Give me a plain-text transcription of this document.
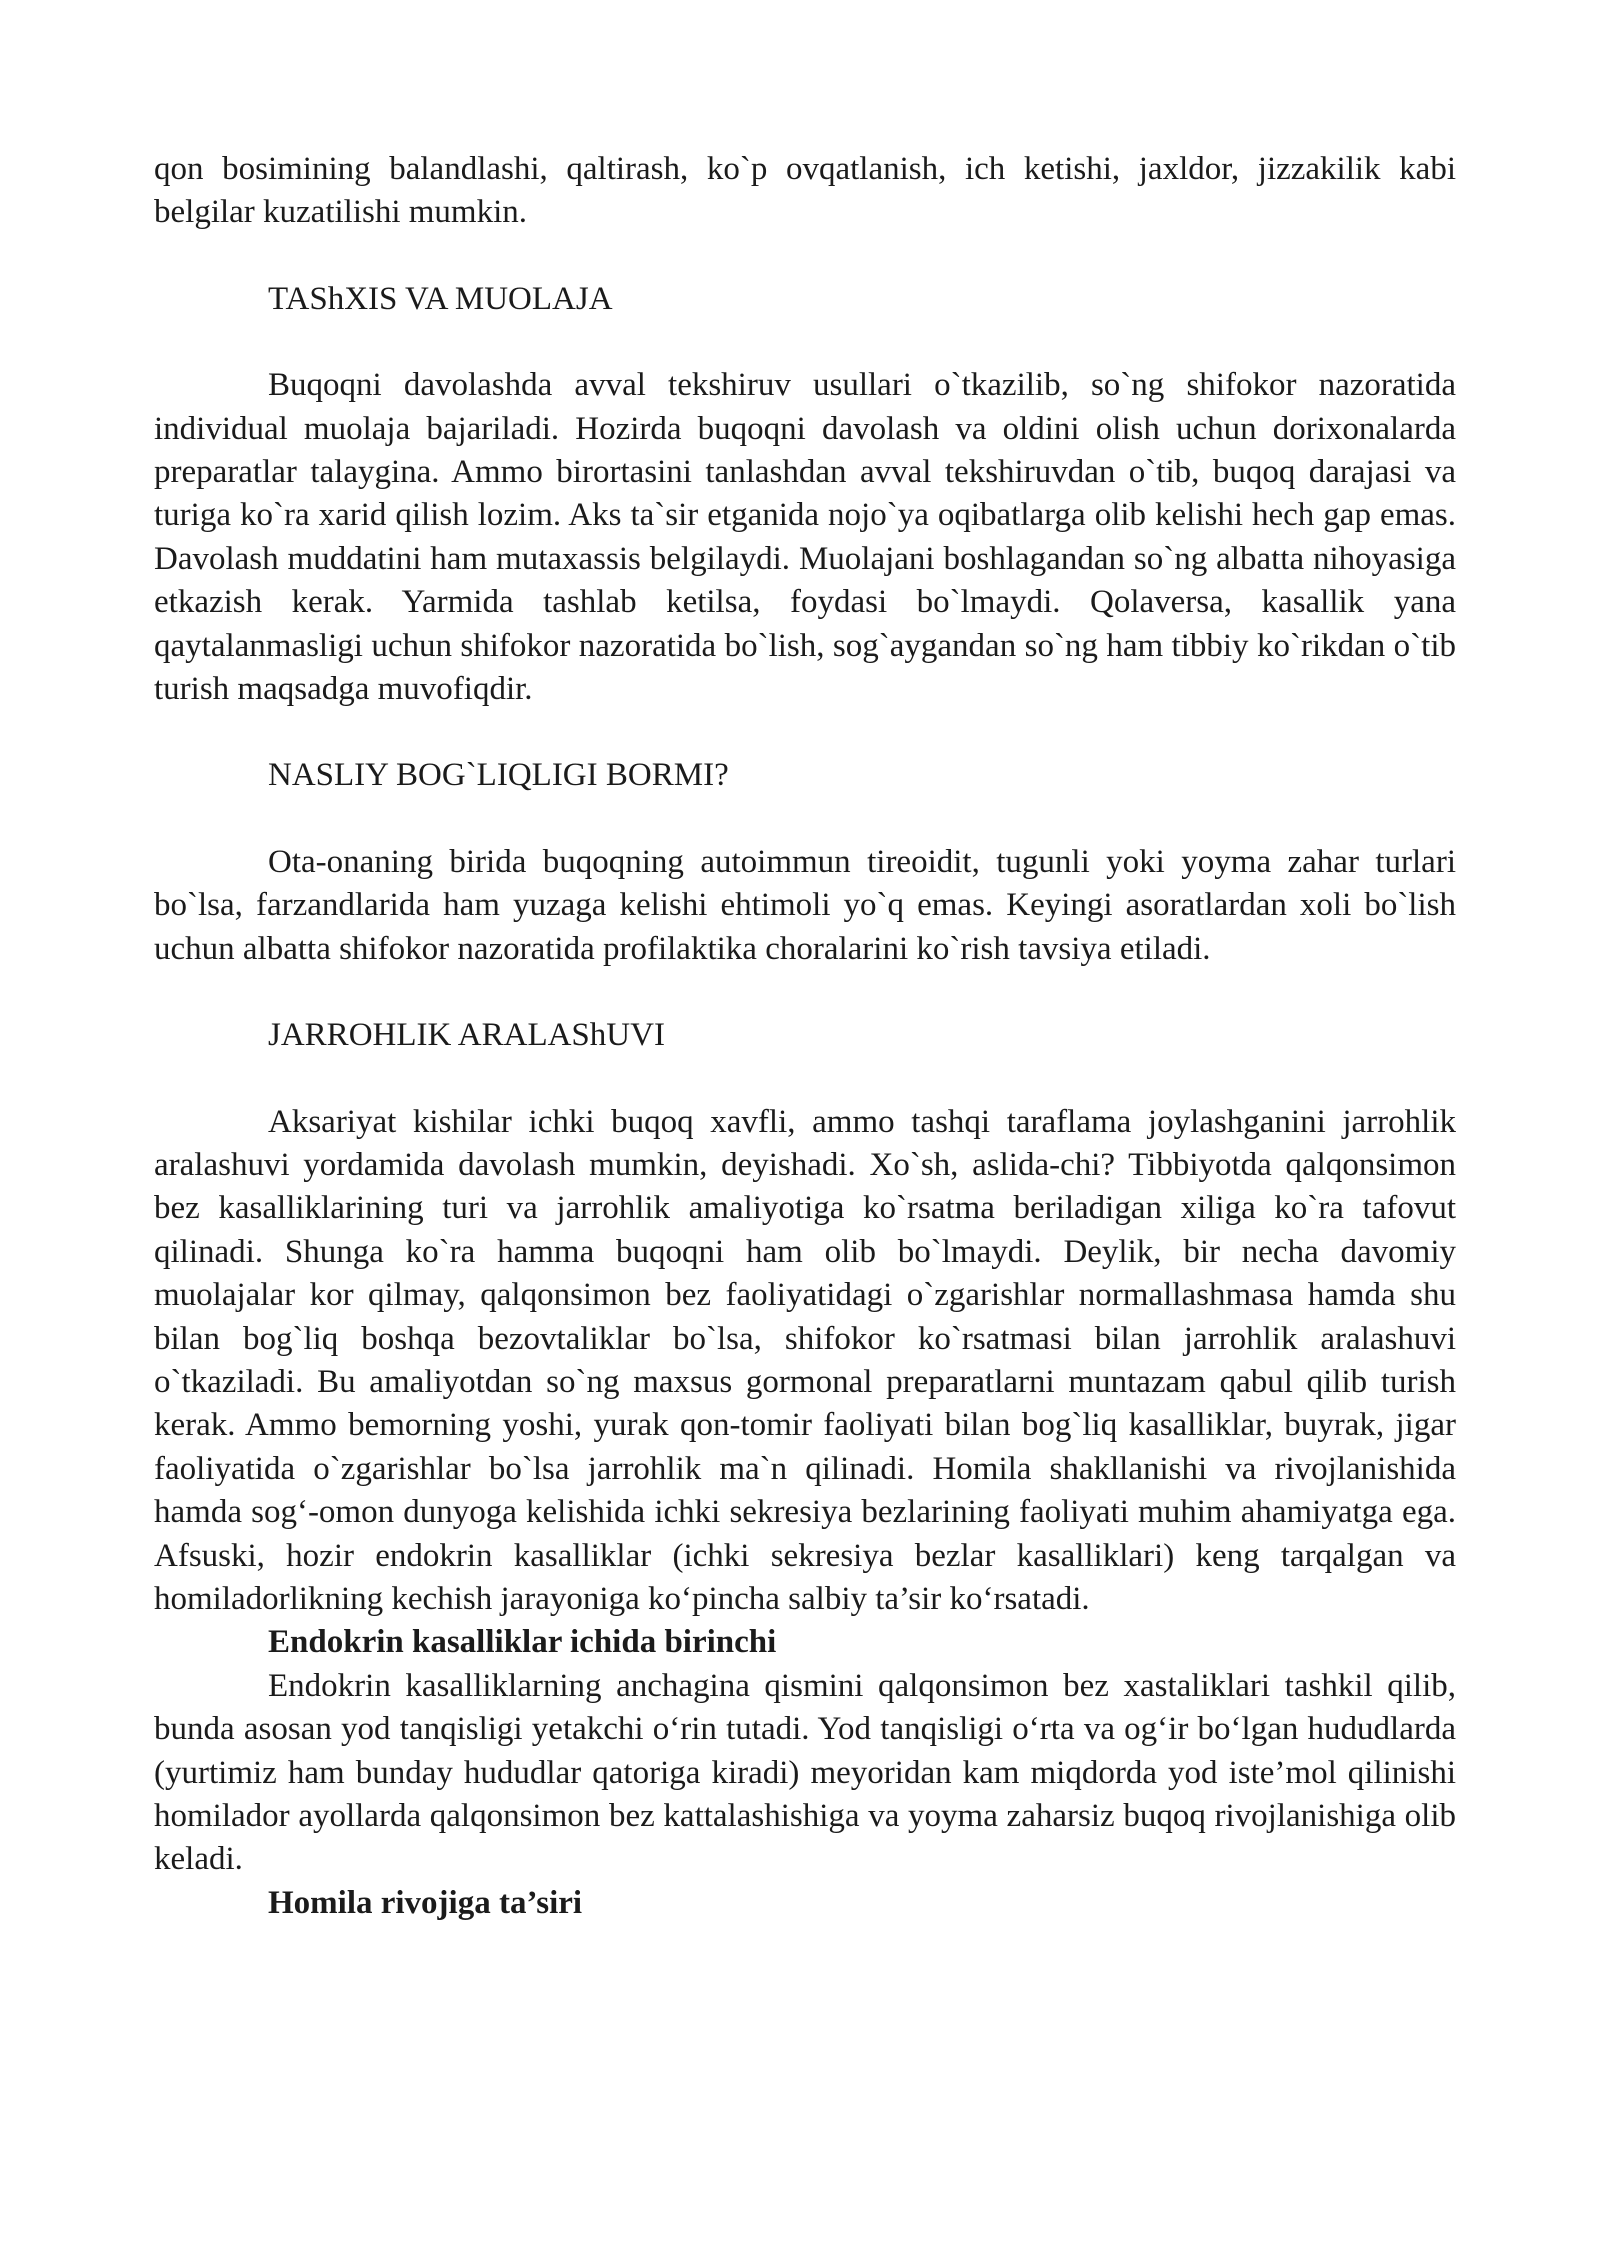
qon bosimining balandlashi, qaltirash, ko`p ovqatlanish, ich ketishi, jaxldor, jizzakilik kabi belgilar kuzatilishi mumkin.

TAShXIS VA MUOLAJA

Buqoqni davolashda avval tekshiruv usullari o`tkazilib, so`ng shifokor nazoratida individual muolaja bajariladi. Hozirda buqoqni davolash va oldini olish uchun dorixonalarda preparatlar talaygina. Ammo birortasini tanlashdan avval tekshiruvdan o`tib, buqoq darajasi va turiga ko`ra xarid qilish lozim. Aks ta`sir etganida nojo`ya oqibatlarga olib kelishi hech gap emas. Davolash muddatini ham mutaxassis belgilaydi. Muolajani boshlagandan so`ng albatta nihoyasiga etkazish kerak. Yarmida tashlab ketilsa, foydasi bo`lmaydi. Qolaversa, kasallik yana qaytalanmasligi uchun shifokor nazoratida bo`lish, sog`aygandan so`ng ham tibbiy ko`rikdan o`tib turish maqsadga muvofiqdir.

NASLIY BOG`LIQLIGI BORMI?

Ota-onaning birida buqoqning autoimmun tireoidit, tugunli yoki yoyma zahar turlari bo`lsa, farzandlarida ham yuzaga kelishi ehtimoli yo`q emas. Keyingi asoratlardan xoli bo`lish uchun albatta shifokor nazoratida profilaktika choralarini ko`rish tavsiya etiladi.

JARROHLIK ARALAShUVI

Aksariyat kishilar ichki buqoq xavfli, ammo tashqi taraflama joylashganini jarrohlik aralashuvi yordamida davolash mumkin, deyishadi. Xo`sh, aslida-chi? Tibbiyotda qalqonsimon bez kasalliklarining turi va jarrohlik amaliyotiga ko`rsatma beriladigan xiliga ko`ra tafovut qilinadi. Shunga ko`ra hamma buqoqni ham olib bo`lmaydi. Deylik, bir necha davomiy muolajalar kor qilmay, qalqonsimon bez faoliyatidagi o`zgarishlar normallashmasa hamda shu bilan bog`liq boshqa bezovtaliklar bo`lsa, shifokor ko`rsatmasi bilan jarrohlik aralashuvi o`tkaziladi. Bu amaliyotdan so`ng maxsus gormonal preparatlarni muntazam qabul qilib turish kerak. Ammo bemorning yoshi, yurak qon-tomir faoliyati bilan bog`liq kasalliklar, buyrak, jigar faoliyatida o`zgarishlar bo`lsa jarrohlik ma`n qilinadi. Homila shakllanishi va rivojlanishida hamda sog‘-omon dunyoga kelishida ichki sekresiya bezlarining faoliyati muhim ahamiyatga ega. Afsuski, hozir endokrin kasalliklar (ichki sekresiya bezlar kasalliklari) keng tarqalgan va homiladorlikning kechish jarayoniga ko‘pincha salbiy ta’sir ko‘rsatadi.

Endokrin kasalliklar ichida birinchi

Endokrin kasalliklarning anchagina qismini qalqonsimon bez xastaliklari tashkil qilib, bunda asosan yod tanqisligi yetakchi o‘rin tutadi. Yod tanqisligi o‘rta va og‘ir bo‘lgan hududlarda (yurtimiz ham bunday hududlar qatoriga kiradi) meyoridan kam miqdorda yod iste’mol qilinishi homilador ayollarda qalqonsimon bez kattalashishiga va yoyma zaharsiz buqoq rivojlanishiga olib keladi.

Homila rivojiga ta’siri
